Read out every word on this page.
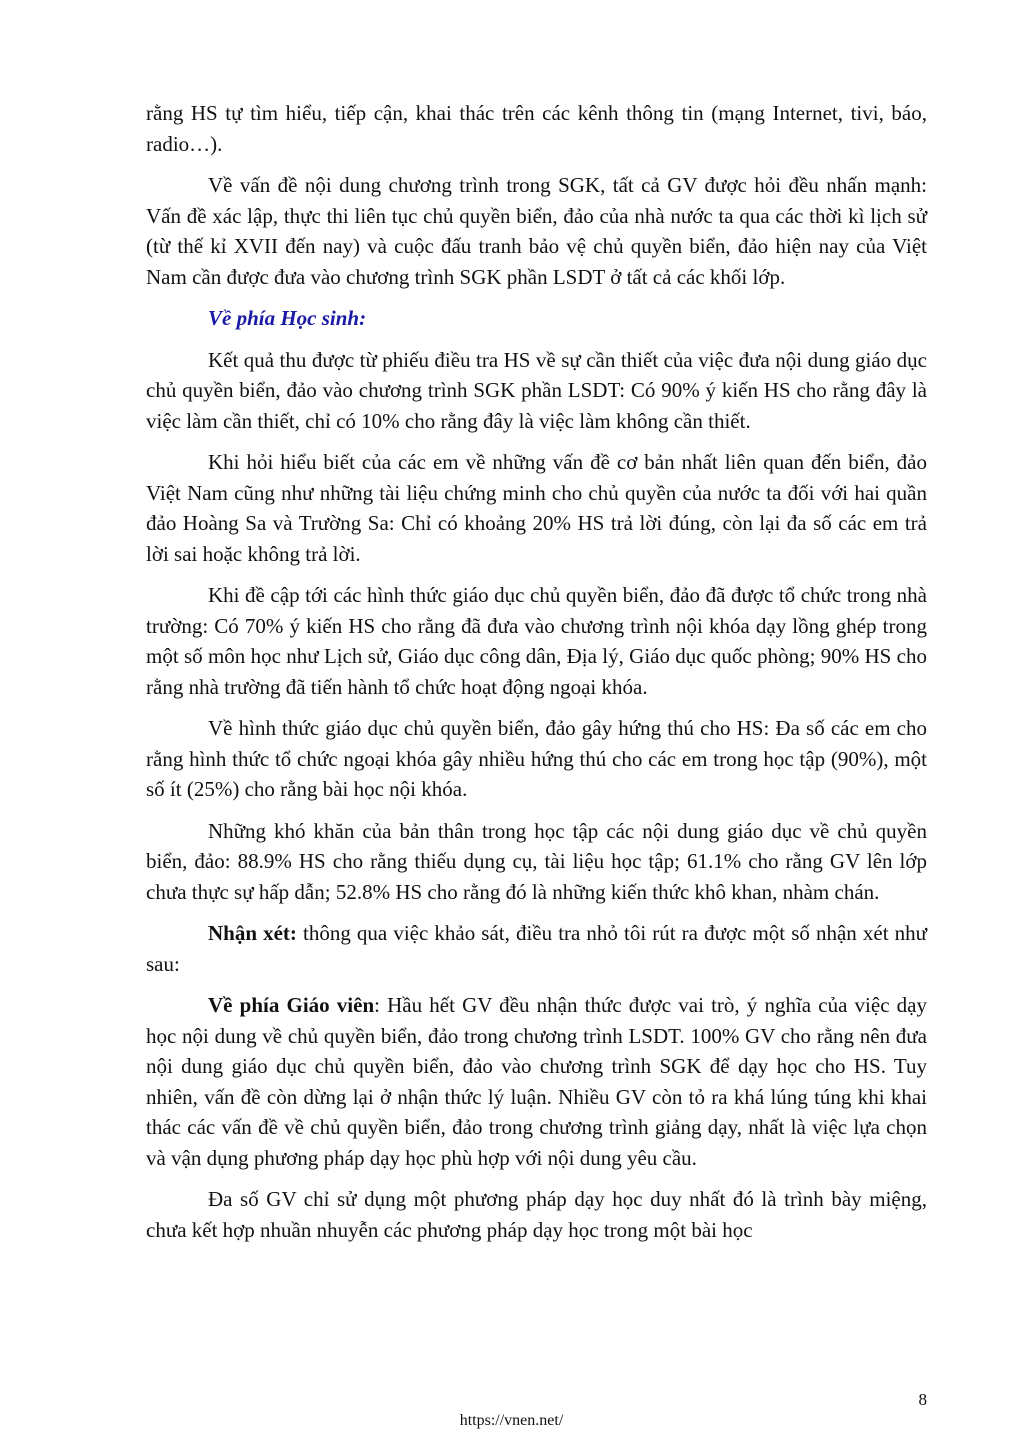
rằng HS tự tìm hiểu, tiếp cận, khai thác trên các kênh thông tin (mạng Internet, tivi, báo, radio…).

Về vấn đề nội dung chương trình trong SGK, tất cả GV được hỏi đều nhấn mạnh: Vấn đề xác lập, thực thi liên tục chủ quyền biển, đảo của nhà nước ta qua các thời kì lịch sử (từ thế kỉ XVII đến nay) và cuộc đấu tranh bảo vệ chủ quyền biển, đảo hiện nay của Việt Nam cần được đưa vào chương trình SGK phần LSDT ở tất cả các khối lớp.

Về phía Học sinh:

Kết quả thu được từ phiếu điều tra HS về sự cần thiết của việc đưa nội dung giáo dục chủ quyền biển, đảo vào chương trình SGK phần LSDT: Có 90% ý kiến HS cho rằng đây là việc làm cần thiết, chỉ có 10% cho rằng đây là việc làm không cần thiết.

Khi hỏi hiểu biết của các em về những vấn đề cơ bản nhất liên quan đến biển, đảo Việt Nam cũng như những tài liệu chứng minh cho chủ quyền của nước ta đối với hai quần đảo Hoàng Sa và Trường Sa: Chỉ có khoảng 20% HS trả lời đúng, còn lại đa số các em trả lời sai hoặc không trả lời.

Khi đề cập tới các hình thức giáo dục chủ quyền biển, đảo đã được tổ chức trong nhà trường: Có 70% ý kiến HS cho rằng đã đưa vào chương trình nội khóa dạy lồng ghép trong một số môn học như Lịch sử, Giáo dục công dân, Địa lý, Giáo dục quốc phòng; 90% HS cho rằng nhà trường đã tiến hành tổ chức hoạt động ngoại khóa.

Về hình thức giáo dục chủ quyền biển, đảo gây hứng thú cho HS: Đa số các em cho rằng hình thức tổ chức ngoại khóa gây nhiều hứng thú cho các em trong học tập (90%), một số ít (25%) cho rằng bài học nội khóa.

Những khó khăn của bản thân trong học tập các nội dung giáo dục về chủ quyền biển, đảo: 88.9% HS cho rằng thiếu dụng cụ, tài liệu học tập; 61.1% cho rằng GV lên lớp chưa thực sự hấp dẫn; 52.8% HS cho rằng đó là những kiến thức khô khan, nhàm chán.

Nhận xét: thông qua việc khảo sát, điều tra nhỏ tôi rút ra được một số nhận xét như sau:

Về phía Giáo viên: Hầu hết GV đều nhận thức được vai trò, ý nghĩa của việc dạy học nội dung về chủ quyền biển, đảo trong chương trình LSDT. 100% GV cho rằng nên đưa nội dung giáo dục chủ quyền biển, đảo vào chương trình SGK để dạy học cho HS. Tuy nhiên, vấn đề còn dừng lại ở nhận thức lý luận. Nhiều GV còn tỏ ra khá lúng túng khi khai thác các vấn đề về chủ quyền biển, đảo trong chương trình giảng dạy, nhất là việc lựa chọn và vận dụng phương pháp dạy học phù hợp với nội dung yêu cầu.

Đa số GV chỉ sử dụng một phương pháp dạy học duy nhất đó là trình bày miệng, chưa kết hợp nhuần nhuyễn các phương pháp dạy học trong một bài học

8
https://vnen.net/
